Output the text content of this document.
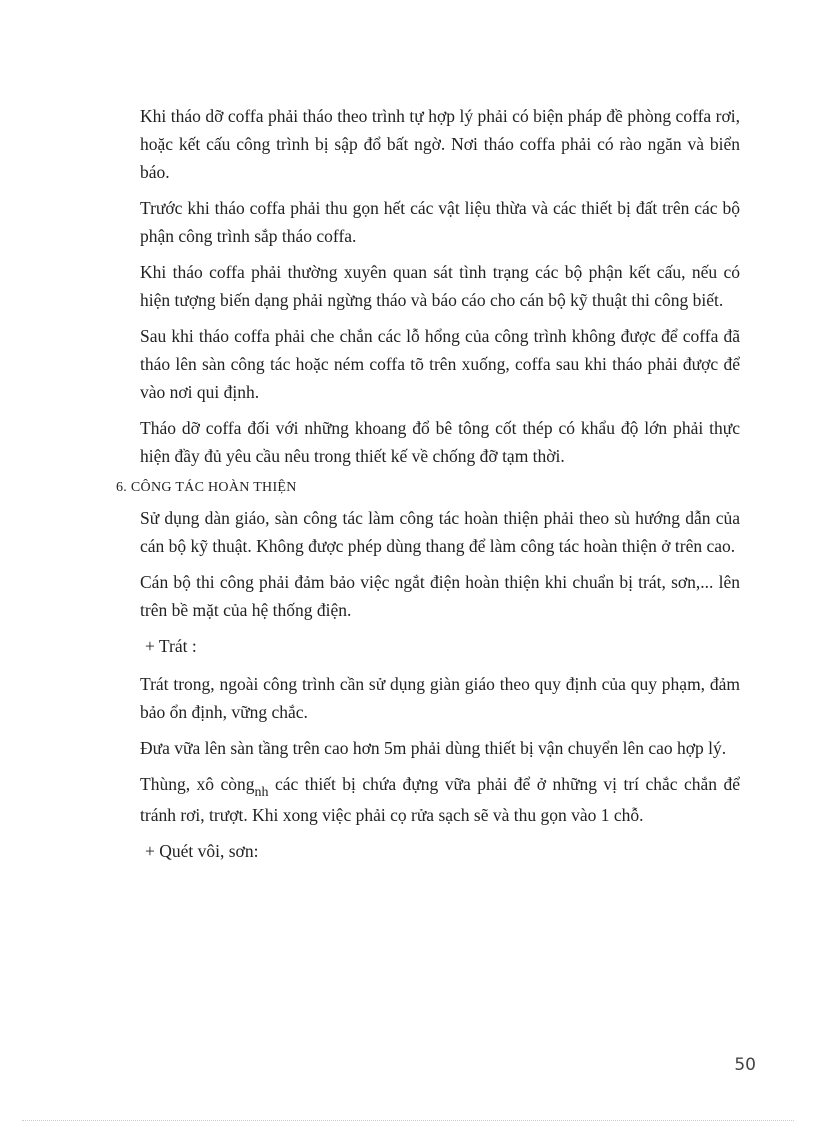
Khi tháo dỡ coffa phải tháo theo trình tự hợp lý phải có biện pháp đề phòng coffa rơi, hoặc kết cấu công trình bị sập đổ bất ngờ. Nơi tháo coffa phải có rào ngăn và biển báo.

Trước khi tháo coffa phải thu gọn hết các vật liệu thừa và các thiết bị đất trên các bộ phận công trình sắp tháo coffa.

Khi tháo coffa phải thường xuyên quan sát tình trạng các bộ phận kết cấu, nếu có hiện tượng biến dạng phải ngừng tháo và báo cáo cho cán bộ kỹ thuật thi công biết.

Sau khi tháo coffa phải che chắn các lỗ hổng của công trình không được để coffa đã tháo lên sàn công tác hoặc ném coffa tõ trên xuống, coffa sau khi tháo phải được để vào nơi qui định.

Tháo dỡ coffa đối với những khoang đổ bê tông cốt thép có khẩu độ lớn phải thực hiện đầy đủ yêu cầu nêu trong thiết kế về chống đỡ tạm thời.

6. CÔNG TÁC HOÀN THIỆN

Sử dụng dàn giáo, sàn công tác làm công tác hoàn thiện phải theo sù hướng dẫn của cán bộ kỹ thuật. Không được phép dùng thang để làm công tác hoàn thiện ở trên cao.

Cán bộ thi công phải đảm bảo việc ngắt điện hoàn thiện khi chuẩn bị trát, sơn,... lên trên bề mặt của hệ thống điện.

+ Trát :

Trát trong, ngoài công trình cần sử dụng giàn giáo theo quy định của quy phạm, đảm bảo ổn định, vững chắc.

Đưa vữa lên sàn tầng trên cao hơn 5m phải dùng thiết bị vận chuyển lên cao hợp lý.

Thùng, xô còng$_{nh}$ các thiết bị chứa đựng vữa phải để ở những vị trí chắc chắn để tránh rơi, trượt. Khi xong việc phải cọ rửa sạch sẽ và thu gọn vào 1 chỗ.

+ Quét vôi, sơn:
50
